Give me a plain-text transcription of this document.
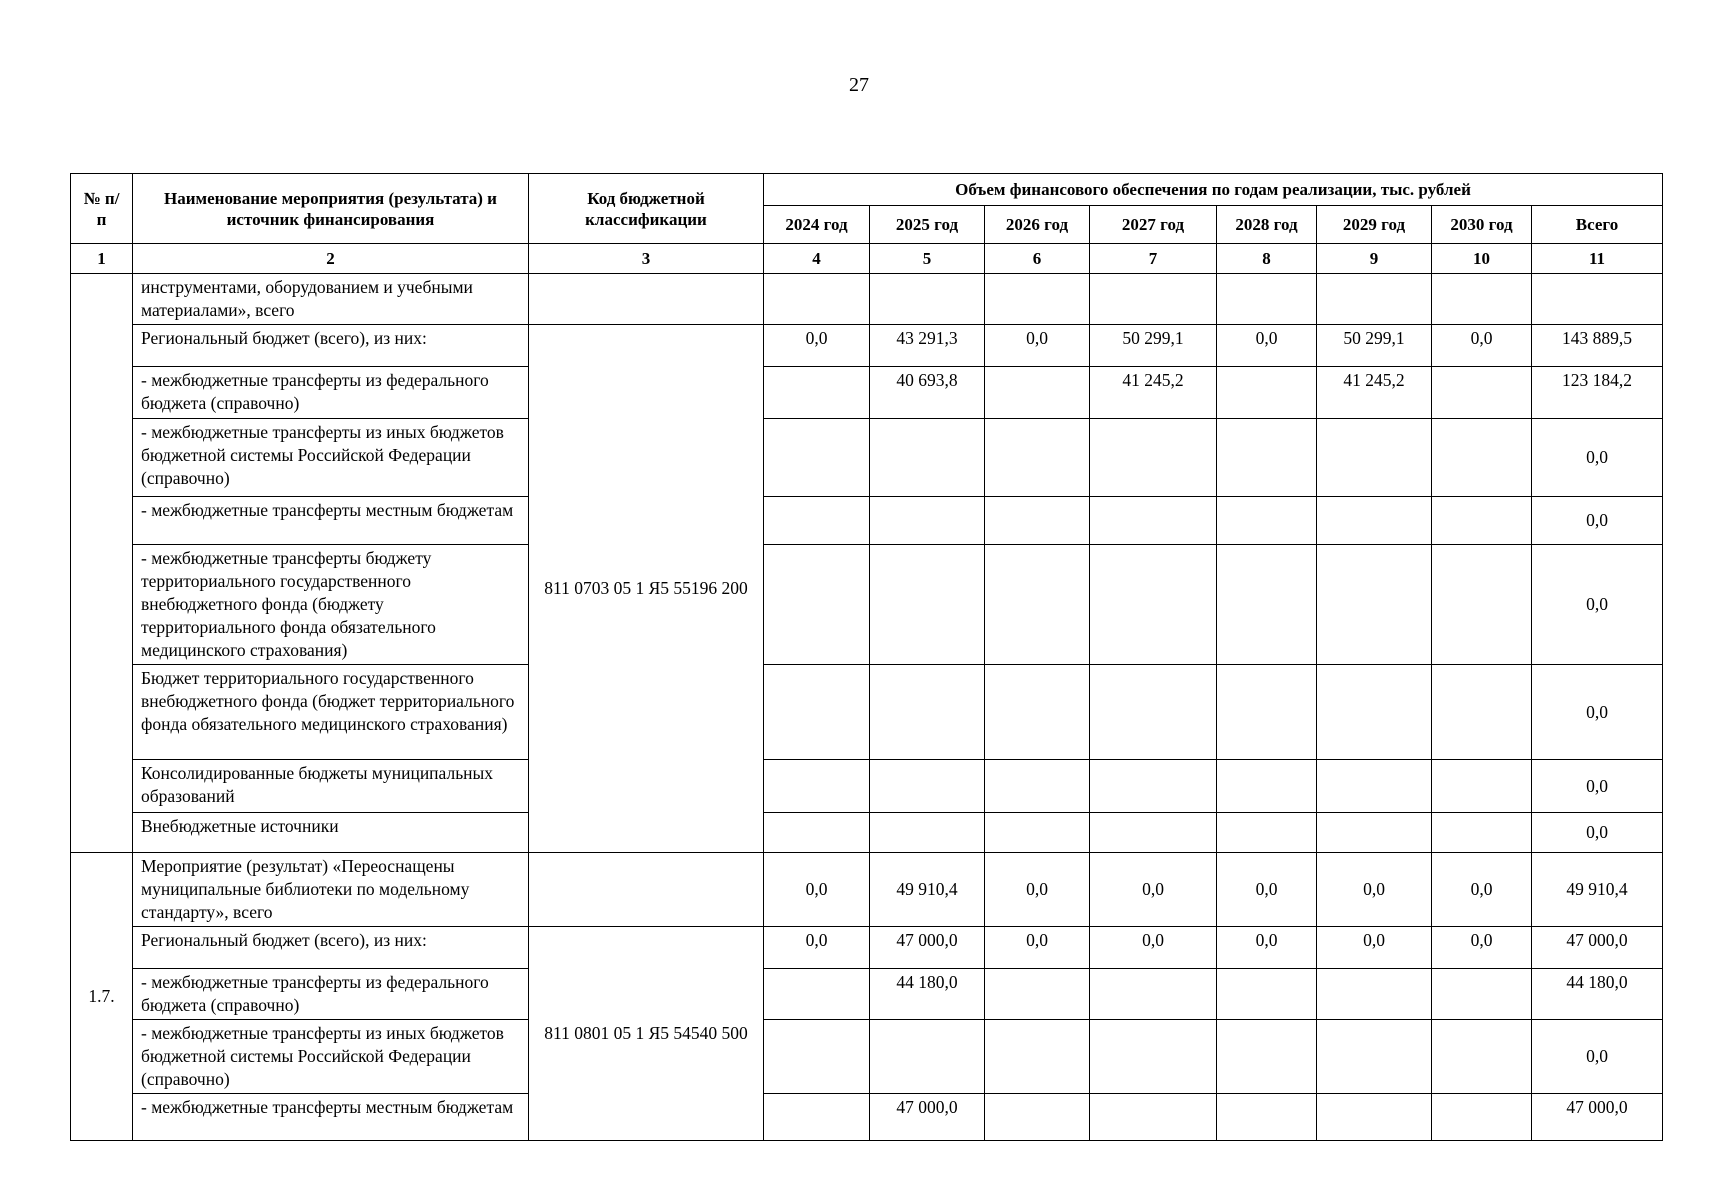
27
№ п/п	Наименование мероприятия (результата) и источник финансирования	Код бюджетной классификации	Объем финансового обеспечения по годам реализации, тыс. рублей							
			2024 год	2025 год	2026 год	2027 год	2028 год	2029 год	2030 год	Всего
1	2	3	4	5	6	7	8	9	10	11
	инструментами, оборудованием и учебными материалами», всего									
	Региональный бюджет (всего), из них:	811 0703 05 1 Я5 55196 200	0,0	43 291,3	0,0	50 299,1	0,0	50 299,1	0,0	143 889,5
	- межбюджетные трансферты из федерального бюджета (справочно)			40 693,8		41 245,2		41 245,2		123 184,2
	- межбюджетные трансферты из иных бюджетов бюджетной системы Российской Федерации (справочно)									0,0
	- межбюджетные трансферты местным бюджетам									0,0
	- межбюджетные трансферты бюджету территориального государственного внебюджетного фонда (бюджету территориального фонда обязательного медицинского страхования)									0,0
	Бюджет территориального государственного внебюджетного фонда (бюджет территориального фонда обязательного медицинского страхования)									0,0
	Консолидированные бюджеты муниципальных образований									0,0
	Внебюджетные источники									0,0
1.7.	Мероприятие (результат) «Переоснащены муниципальные библиотеки по модельному стандарту», всего		0,0	49 910,4	0,0	0,0	0,0	0,0	0,0	49 910,4
	Региональный бюджет (всего), из них:	811 0801 05 1 Я5 54540 500	0,0	47 000,0	0,0	0,0	0,0	0,0	0,0	47 000,0
	- межбюджетные трансферты из федерального бюджета (справочно)			44 180,0						44 180,0
	- межбюджетные трансферты из иных бюджетов бюджетной системы Российской Федерации (справочно)									0,0
	- межбюджетные трансферты местным бюджетам			47 000,0						47 000,0
